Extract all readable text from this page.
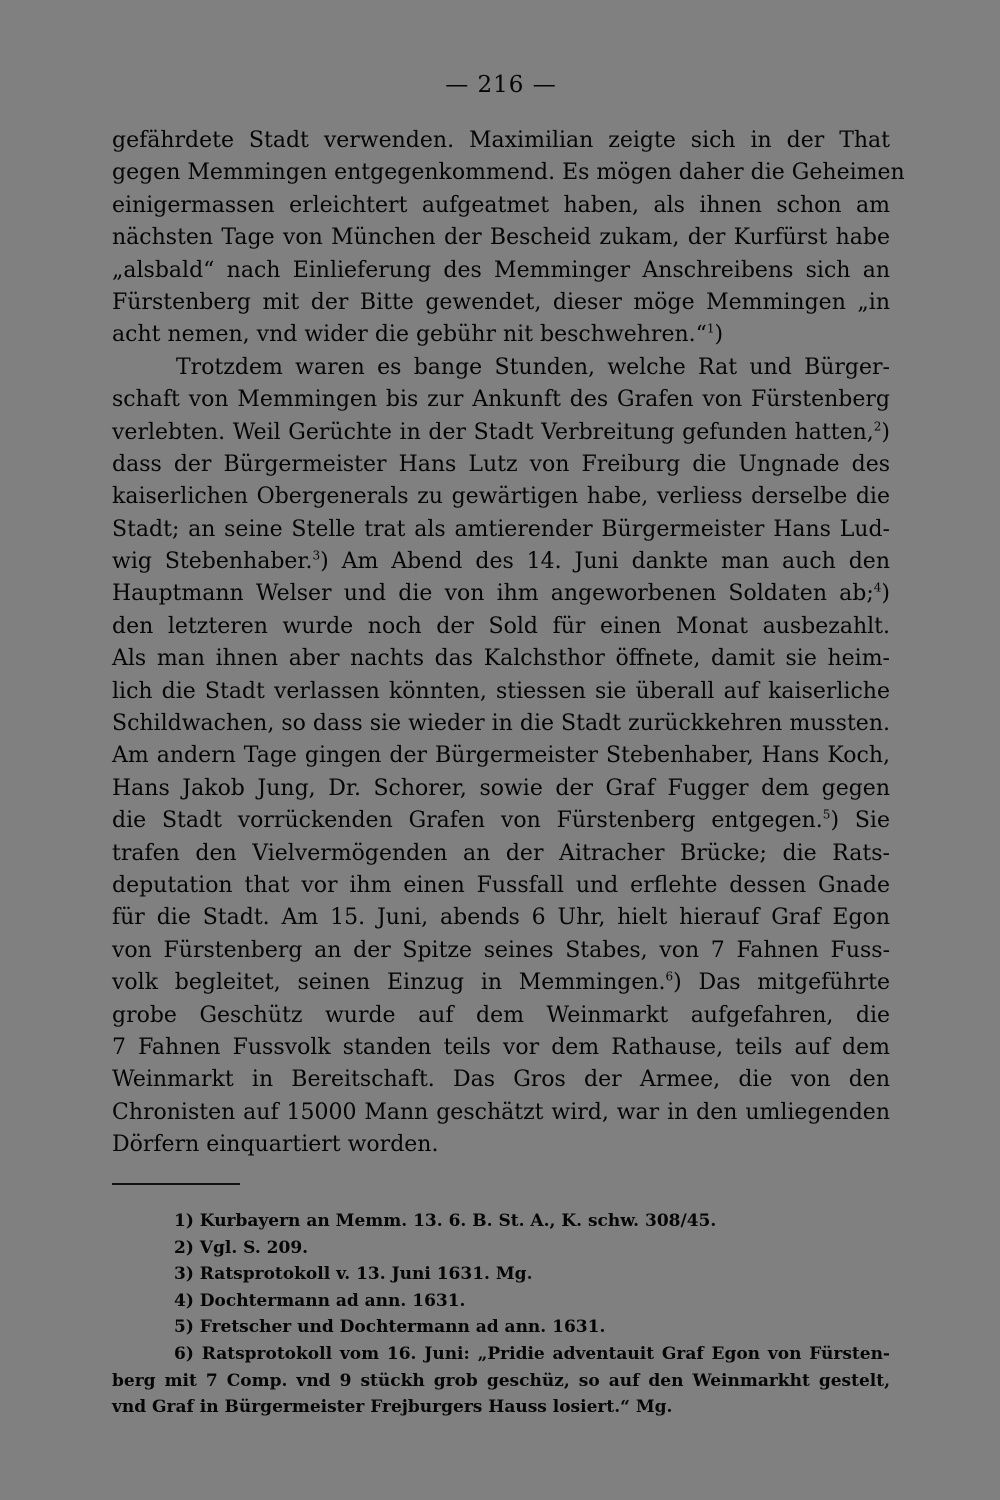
— 216 —
gefährdete Stadt verwenden. Maximilian zeigte sich in der That
gegen Memmingen entgegenkommend. Es mögen daher die Geheimen
einigermassen erleichtert aufgeatmet haben, als ihnen schon am
nächsten Tage von München der Bescheid zukam, der Kurfürst habe
„alsbald“ nach Einlieferung des Memminger Anschreibens sich an
Fürstenberg mit der Bitte gewendet, dieser möge Memmingen „in
acht nemen, vnd wider die gebühr nit beschwehren.“$^1$)
Trotzdem waren es bange Stunden, welche Rat und Bürger-
schaft von Memmingen bis zur Ankunft des Grafen von Fürstenberg
verlebten. Weil Gerüchte in der Stadt Verbreitung gefunden hatten,$^2$)
dass der Bürgermeister Hans Lutz von Freiburg die Ungnade des
kaiserlichen Obergenerals zu gewärtigen habe, verliess derselbe die
Stadt; an seine Stelle trat als amtierender Bürgermeister Hans Lud-
wig Stebenhaber.$^3$) Am Abend des 14. Juni dankte man auch den
Hauptmann Welser und die von ihm angeworbenen Soldaten ab;$^4$)
den letzteren wurde noch der Sold für einen Monat ausbezahlt.
Als man ihnen aber nachts das Kalchsthor öffnete, damit sie heim-
lich die Stadt verlassen könnten, stiessen sie überall auf kaiserliche
Schildwachen, so dass sie wieder in die Stadt zurückkehren mussten.
Am andern Tage gingen der Bürgermeister Stebenhaber, Hans Koch,
Hans Jakob Jung, Dr. Schorer, sowie der Graf Fugger dem gegen
die Stadt vorrückenden Grafen von Fürstenberg entgegen.$^5$) Sie
trafen den Vielvermögenden an der Aitracher Brücke; die Rats-
deputation that vor ihm einen Fussfall und erflehte dessen Gnade
für die Stadt. Am 15. Juni, abends 6 Uhr, hielt hierauf Graf Egon
von Fürstenberg an der Spitze seines Stabes, von 7 Fahnen Fuss-
volk begleitet, seinen Einzug in Memmingen.$^6$) Das mitgeführte
grobe Geschütz wurde auf dem Weinmarkt aufgefahren, die
7 Fahnen Fussvolk standen teils vor dem Rathause, teils auf dem
Weinmarkt in Bereitschaft. Das Gros der Armee, die von den
Chronisten auf 15000 Mann geschätzt wird, war in den umliegenden
Dörfern einquartiert worden.
1) Kurbayern an Memm. 13. 6. B. St. A., K. schw. 308/45.
2) Vgl. S. 209.
3) Ratsprotokoll v. 13. Juni 1631. Mg.
4) Dochtermann ad ann. 1631.
5) Fretscher und Dochtermann ad ann. 1631.
6) Ratsprotokoll vom 16. Juni: „Pridie adventauit Graf Egon von Fürsten-
berg mit 7 Comp. vnd 9 stückh grob geschüz, so auf den Weinmarkht gestelt,
vnd Graf in Bürgermeister Frejburgers Hauss losiert.“ Mg.
